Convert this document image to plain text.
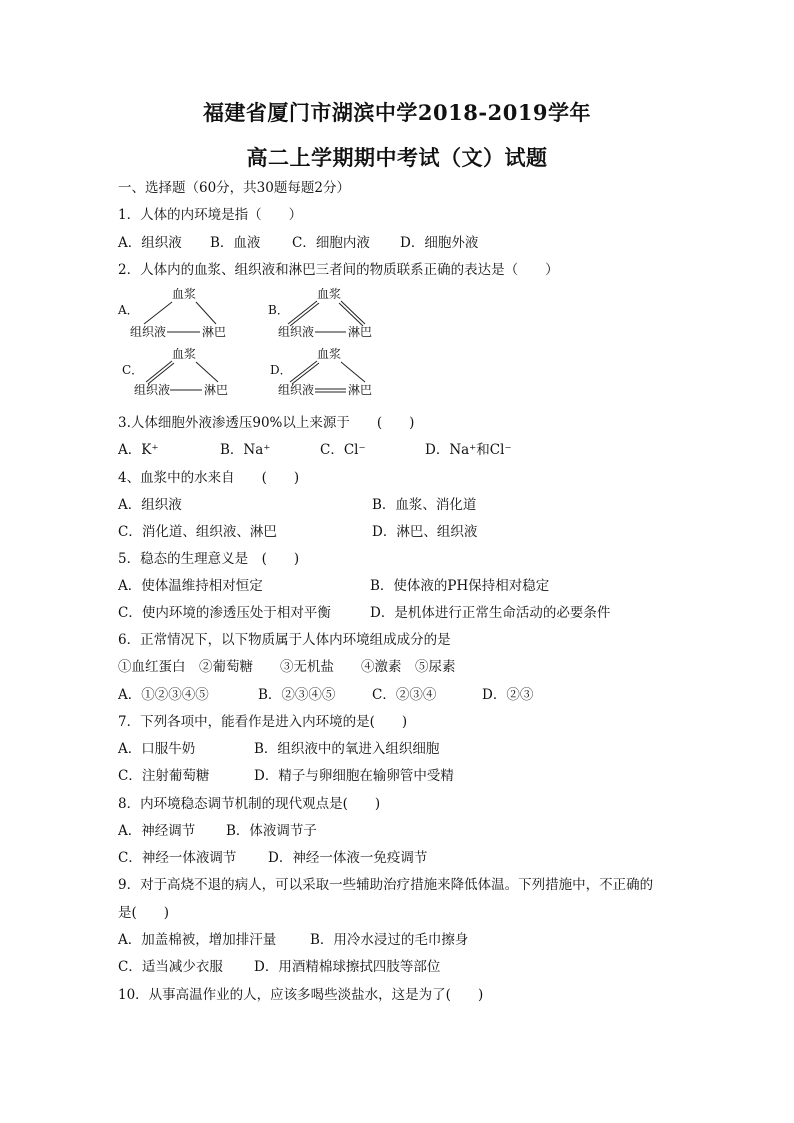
福建省厦门市湖滨中学2018-2019学年
高二上学期期中考试（文）试题
一、选择题（60分，共30题每题2分）
1．人体的内环境是指（　　）
A．组织液 B．血液 C．细胞内液 D．细胞外液
2．人体内的血浆、组织液和淋巴三者间的物质联系正确的表达是（　　）
A．
血浆
组织液	淋巴
B．
血浆
组织液	淋巴
C．
血浆
组织液	淋巴
D．
血浆
组织液	淋巴
3.人体细胞外液渗透压90%以上来源于　　(　　)
A．K⁺	B．Na⁺	C．Cl⁻	D．Na⁺和Cl⁻
4、血浆中的水来自　　(　　)
A．组织液	B．血浆、消化道
C．消化道、组织液、淋巴	D．淋巴、组织液
5．稳态的生理意义是　(　　)
A．使体温维持相对恒定	B．使体液的PH保持相对稳定
C．使内环境的渗透压处于相对平衡	D．是机体进行正常生命活动的必要条件
6．正常情况下，以下物质属于人体内环境组成成分的是
①血红蛋白　②葡萄糖　　③无机盐　　④激素　⑤尿素
A．①②③④⑤	B．②③④⑤	C．②③④	D．②③
7．下列各项中，能看作是进入内环境的是(　　)
A．口服牛奶	B．组织液中的氧进入组织细胞
C．注射葡萄糖	D．精子与卵细胞在输卵管中受精
8．内环境稳态调节机制的现代观点是(　　)
A．神经调节 B．体液调节子
C．神经一体液调节 D．神经一体液一免疫调节
9．对于高烧不退的病人，可以采取一些辅助治疗措施来降低体温。下列措施中，不正确的
是(　　)
A．加盖棉被，增加排汗量	B．用冷水浸过的毛巾擦身
C．适当减少衣服 D．用酒精棉球擦拭四肢等部位
10．从事高温作业的人，应该多喝些淡盐水，这是为了(　　)
